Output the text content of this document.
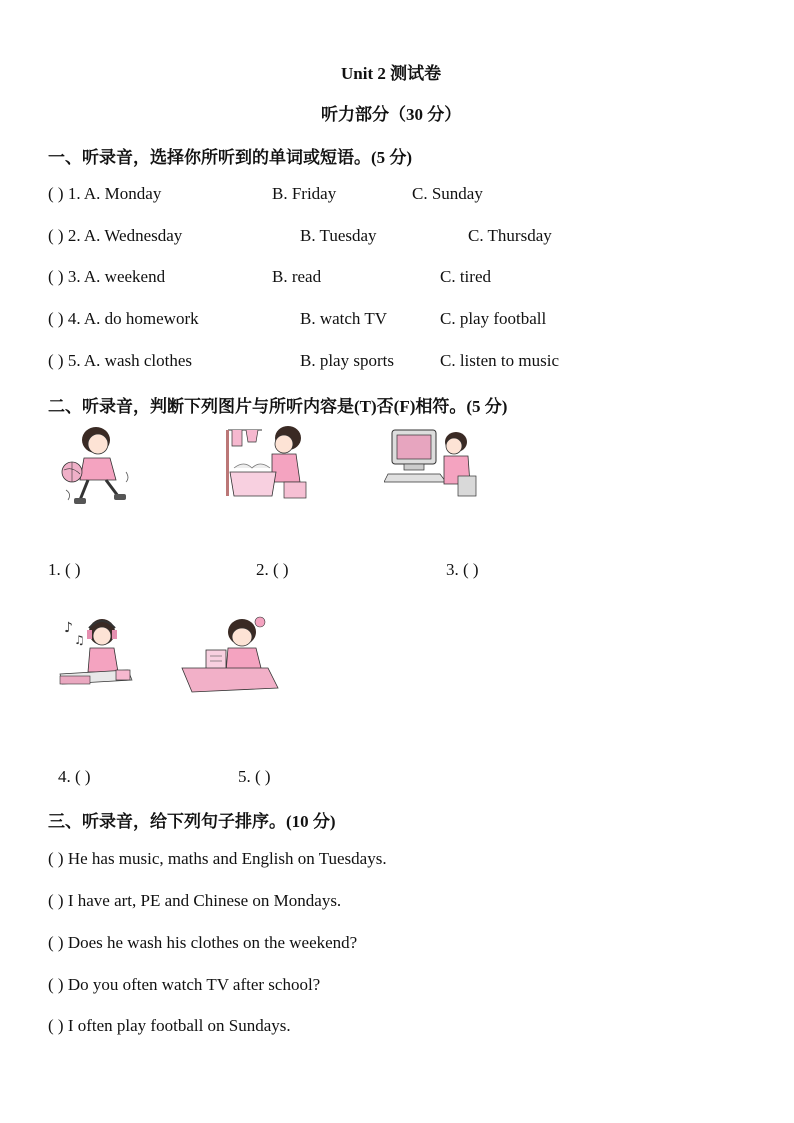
Unit 2 测试卷
听力部分（30 分）
一、听录音，选择你所听到的单词或短语。(5 分)
( ) 1. A. Monday	B. Friday	C. Sunday
( ) 2. A. Wednesday	B. Tuesday	C. Thursday
( ) 3. A. weekend	B. read	C. tired
( ) 4. A. do homework	B. watch TV	C. play football
( ) 5. A. wash clothes	B. play sports	C. listen to music
二、听录音，判断下列图片与所听内容是(T)否(F)相符。(5 分)
1. ( )	2. ( )	3. ( )
♪
♫
4. ( )	5. ( )
三、听录音，给下列句子排序。(10 分)
( ) He has music, maths and English on Tuesdays.
( ) I have art, PE and Chinese on Mondays.
( ) Does he wash his clothes on the weekend?
( ) Do you often watch TV after school?
( ) I often play football on Sundays.
